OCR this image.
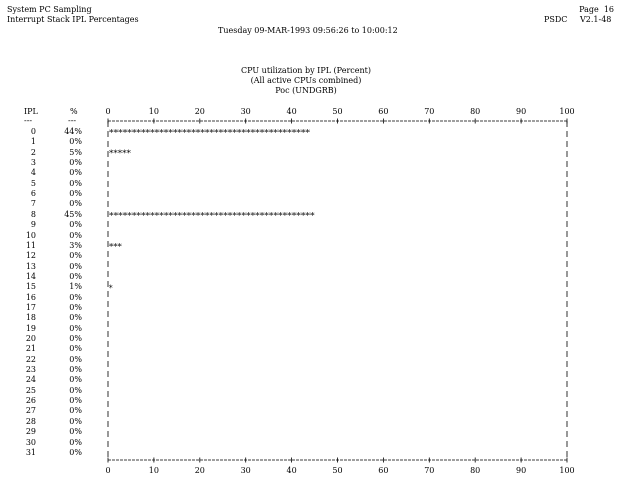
System PC Sampling
Interrupt Stack IPL Percentages
Page  16
PSDC V2.1-48
Tuesday 09-MAR-1993 09:56:26 to 10:00:12
CPU utilization by IPL (Percent)
(All active CPUs combined)
Poc (UNDGRB)
IPL	%
---	---
0	44%
1	0%
2	5%
3	0%
4	0%
5	0%
6	0%
7	0%
8	45%
9	0%
10	0%
11	3%
12	0%
13	0%
14	0%
15	1%
16	0%
17	0%
18	0%
19	0%
20	0%
21	0%
22	0%
23	0%
24	0%
25	0%
26	0%
27	0%
28	0%
29	0%
30	0%
31	0%
0
0
10
10
20
20
30
30
40
40
50
50
60
60
70
70
80
80
90
90
100
100
********************************************
*****
*********************************************
***
*
